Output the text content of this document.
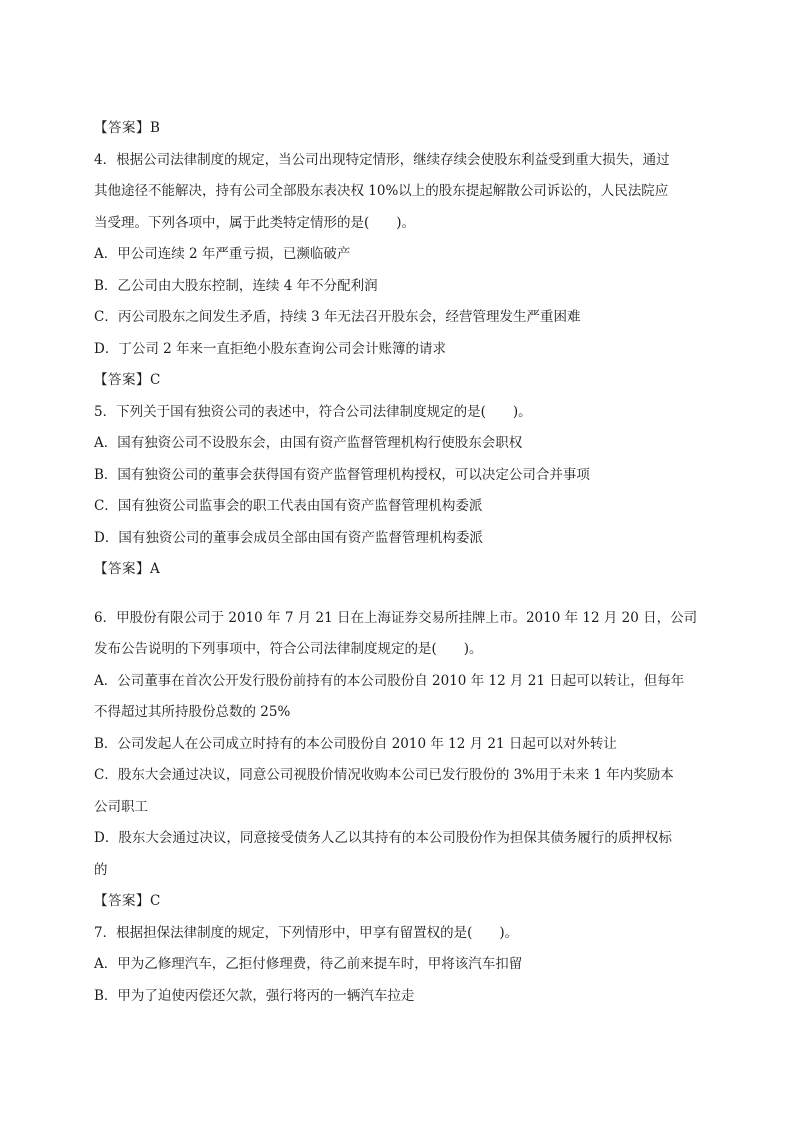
【答案】B
4．根据公司法律制度的规定，当公司出现特定情形，继续存续会使股东利益受到重大损失，通过
其他途径不能解决，持有公司全部股东表决权 10%以上的股东提起解散公司诉讼的，人民法院应
当受理。下列各项中，属于此类特定情形的是(　　)。
A．甲公司连续 2 年严重亏损，已濒临破产
B．乙公司由大股东控制，连续 4 年不分配利润
C．丙公司股东之间发生矛盾，持续 3 年无法召开股东会，经营管理发生严重困难
D．丁公司 2 年来一直拒绝小股东查询公司会计账簿的请求
【答案】C
5．下列关于国有独资公司的表述中，符合公司法律制度规定的是(　　)。
A．国有独资公司不设股东会，由国有资产监督管理机构行使股东会职权
B．国有独资公司的董事会获得国有资产监督管理机构授权，可以决定公司合并事项
C．国有独资公司监事会的职工代表由国有资产监督管理机构委派
D．国有独资公司的董事会成员全部由国有资产监督管理机构委派
【答案】A
6．甲股份有限公司于 2010 年 7 月 21 日在上海证券交易所挂牌上市。2010 年 12 月 20 日，公司
发布公告说明的下列事项中，符合公司法律制度规定的是(　　)。
A．公司董事在首次公开发行股份前持有的本公司股份自 2010 年 12 月 21 日起可以转让，但每年
不得超过其所持股份总数的 25%
B．公司发起人在公司成立时持有的本公司股份自 2010 年 12 月 21 日起可以对外转让
C．股东大会通过决议，同意公司视股价情况收购本公司已发行股份的 3%用于未来 1 年内奖励本
公司职工
D．股东大会通过决议，同意接受债务人乙以其持有的本公司股份作为担保其债务履行的质押权标
的
【答案】C
7．根据担保法律制度的规定，下列情形中，甲享有留置权的是(　　)。
A．甲为乙修理汽车，乙拒付修理费，待乙前来提车时，甲将该汽车扣留
B．甲为了迫使丙偿还欠款，强行将丙的一辆汽车拉走
